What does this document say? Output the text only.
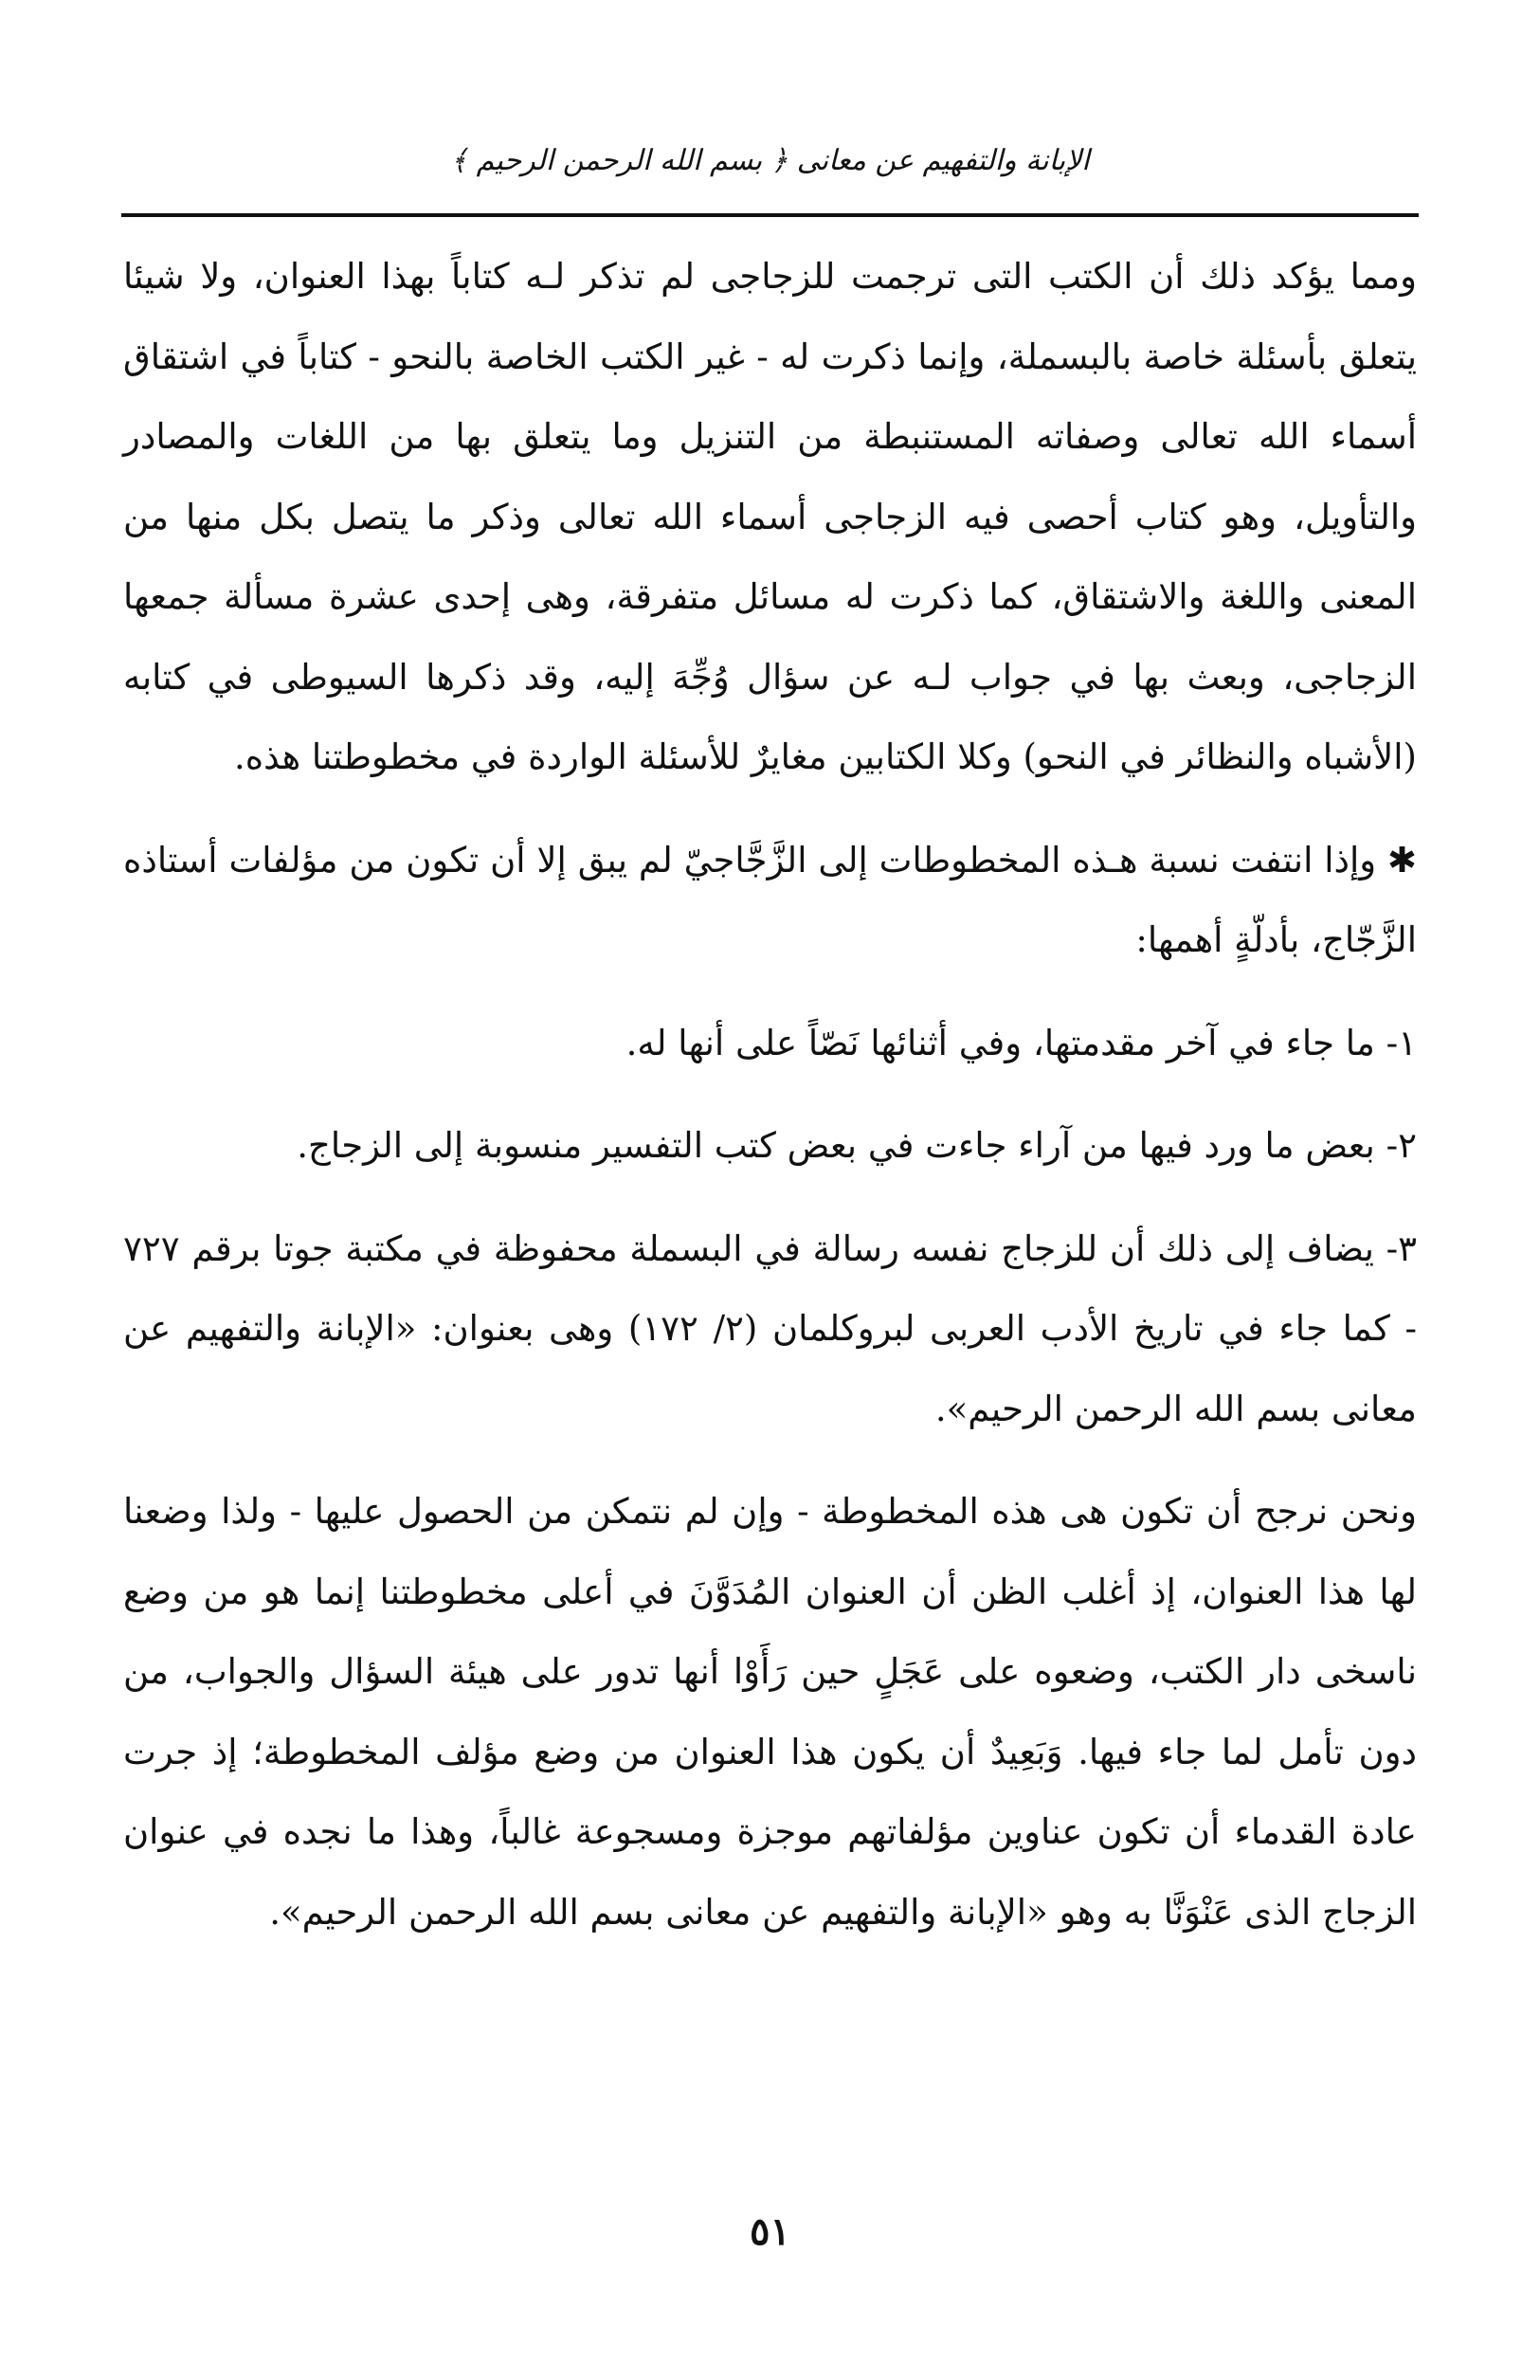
الإبانة والتفهيم عن معانى ﴿ بسم الله الرحمن الرحيم ﴾

ومما يؤكد ذلك أن الكتب التى ترجمت للزجاجى لم تذكر لـه كتاباً بهذا العنوان، ولا شيئا يتعلق بأسئلة خاصة بالبسملة، وإنما ذكرت له - غير الكتب الخاصة بالنحو - كتاباً في اشتقاق أسماء الله تعالى وصفاته المستنبطة من التنزيل وما يتعلق بها من اللغات والمصادر والتأويل، وهو كتاب أحصى فيه الزجاجى أسماء الله تعالى وذكر ما يتصل بكل منها من المعنى واللغة والاشتقاق، كما ذكرت له مسائل متفرقة، وهى إحدى عشرة مسألة جمعها الزجاجى، وبعث بها في جواب لـه عن سؤال وُجِّهَ إليه، وقد ذكرها السيوطى في كتابه (الأشباه والنظائر في النحو) وكلا الكتابين مغايرٌ للأسئلة الواردة في مخطوطتنا هذه.

✱ وإذا انتفت نسبة هـذه المخطوطات إلى الزَّجَّاجيّ لم يبق إلا أن تكون من مؤلفات أستاذه الزَّجّاج، بأدلّةٍ أهمها:

١- ما جاء في آخر مقدمتها، وفي أثنائها نَصّاً على أنها له.

٢- بعض ما ورد فيها من آراء جاءت في بعض كتب التفسير منسوبة إلى الزجاج.

٣- يضاف إلى ذلك أن للزجاج نفسه رسالة في البسملة محفوظة في مكتبة جوتا برقم ٧٢٧ - كما جاء في تاريخ الأدب العربى لبروكلمان (٢/ ١٧٢) وهى بعنوان: «الإبانة والتفهيم عن معانى بسم الله الرحمن الرحيم».

ونحن نرجح أن تكون هى هذه المخطوطة - وإن لم نتمكن من الحصول عليها - ولذا وضعنا لها هذا العنوان، إذ أغلب الظن أن العنوان المُدَوَّنَ في أعلى مخطوطتنا إنما هو من وضع ناسخى دار الكتب، وضعوه على عَجَلٍ حين رَأَوْا أنها تدور على هيئة السؤال والجواب، من دون تأمل لما جاء فيها. وَبَعِيدٌ أن يكون هذا العنوان من وضع مؤلف المخطوطة؛ إذ جرت عادة القدماء أن تكون عناوين مؤلفاتهم موجزة ومسجوعة غالباً، وهذا ما نجده في عنوان الزجاج الذى عَنْوَنَّا به وهو «الإبانة والتفهيم عن معانى بسم الله الرحمن الرحيم».

٥١
